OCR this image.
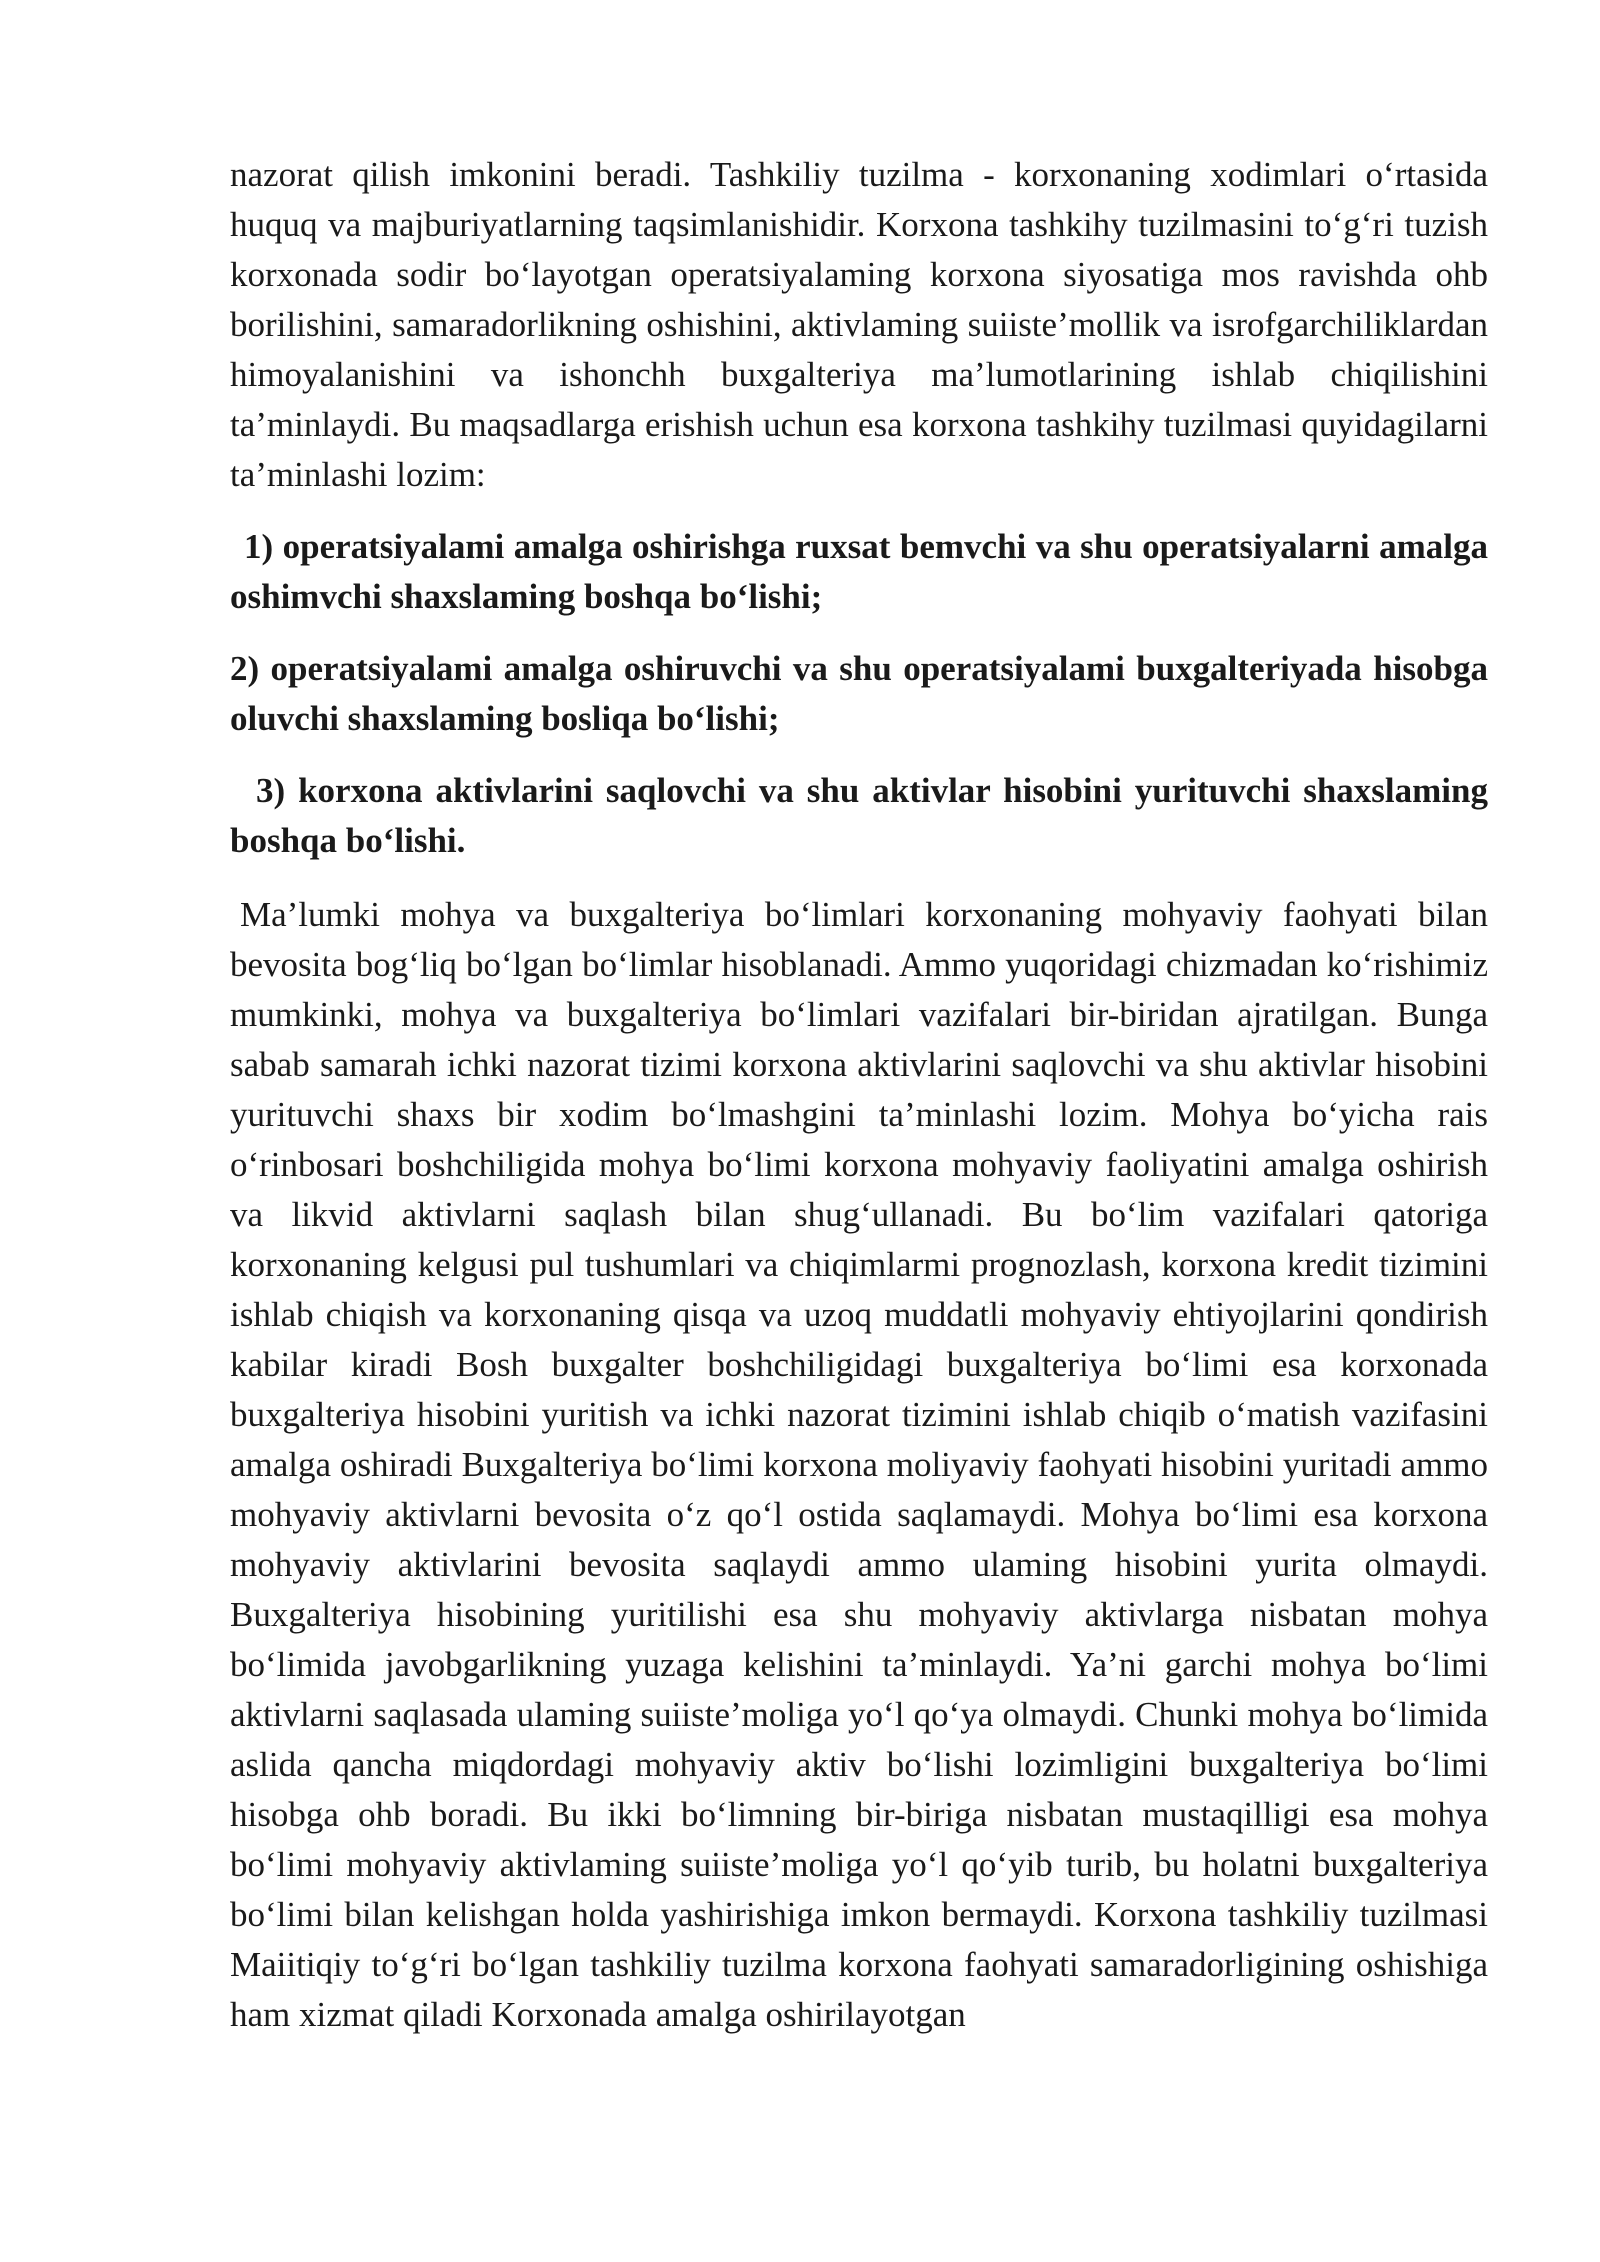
nazorat qilish imkonini beradi. Tashkiliy tuzilma - korxonaning xodimlari o‘rtasida huquq va majburiyatlarning taqsimlanishidir. Korxona tashkihy tuzilmasini to‘g‘ri tuzish korxonada sodir bo‘layotgan operatsiyalaming korxona siyosatiga mos ravishda ohb borilishini, samaradorlikning oshishini, aktivlaming suiiste’mollik va isrofgarchiliklardan himoyalanishini va ishonchh buxgalteriya ma’lumotlarining ishlab chiqilishini ta’minlaydi. Bu maqsadlarga erishish uchun esa korxona tashkihy tuzilmasi quyidagilarni ta’minlashi lozim:

1) operatsiyalami amalga oshirishga ruxsat bemvchi va shu operatsiyalarni amalga oshimvchi shaxslaming boshqa bo‘lishi;

2) operatsiyalami amalga oshiruvchi va shu operatsiyalami buxgalteriyada hisobga oluvchi shaxslaming bosliqa bo‘lishi;

3) korxona aktivlarini saqlovchi va shu aktivlar hisobini yurituvchi shaxslaming boshqa bo‘lishi.

Ma’lumki mohya va buxgalteriya bo‘limlari korxonaning mohyaviy faohyati bilan bevosita bog‘liq bo‘lgan bo‘limlar hisoblanadi. Ammo yuqoridagi chizmadan ko‘rishimiz mumkinki, mohya va buxgalteriya bo‘limlari vazifalari bir-biridan ajratilgan. Bunga sabab samarah ichki nazorat tizimi korxona aktivlarini saqlovchi va shu aktivlar hisobini yurituvchi shaxs bir xodim bo‘lmashgini ta’minlashi lozim. Mohya bo‘yicha rais o‘rinbosari boshchiligida mohya bo‘limi korxona mohyaviy faoliyatini amalga oshirish va likvid aktivlarni saqlash bilan shug‘ullanadi. Bu bo‘lim vazifalari qatoriga korxonaning kelgusi pul tushumlari va chiqimlarmi prognozlash, korxona kredit tizimini ishlab chiqish va korxonaning qisqa va uzoq muddatli mohyaviy ehtiyojlarini qondirish kabilar kiradi Bosh buxgalter boshchiligidagi buxgalteriya bo‘limi esa korxonada buxgalteriya hisobini yuritish va ichki nazorat tizimini ishlab chiqib o‘matish vazifasini amalga oshiradi Buxgalteriya bo‘limi korxona moliyaviy faohyati hisobini yuritadi ammo mohyaviy aktivlarni bevosita o‘z qo‘l ostida saqlamaydi. Mohya bo‘limi esa korxona mohyaviy aktivlarini bevosita saqlaydi ammo ulaming hisobini yurita olmaydi. Buxgalteriya hisobining yuritilishi esa shu mohyaviy aktivlarga nisbatan mohya bo‘limida javobgarlikning yuzaga kelishini ta’minlaydi. Ya’ni garchi mohya bo‘limi aktivlarni saqlasada ulaming suiiste’moliga yo‘l qo‘ya olmaydi. Chunki mohya bo‘limida aslida qancha miqdordagi mohyaviy aktiv bo‘lishi lozimligini buxgalteriya bo‘limi hisobga ohb boradi. Bu ikki bo‘limning bir-biriga nisbatan mustaqilligi esa mohya bo‘limi mohyaviy aktivlaming suiiste’moliga yo‘l qo‘yib turib, bu holatni buxgalteriya bo‘limi bilan kelishgan holda yashirishiga imkon bermaydi. Korxona tashkiliy tuzilmasi Maiitiqiy to‘g‘ri bo‘lgan tashkiliy tuzilma korxona faohyati samaradorligining oshishiga ham xizmat qiladi Korxonada amalga oshirilayotgan
